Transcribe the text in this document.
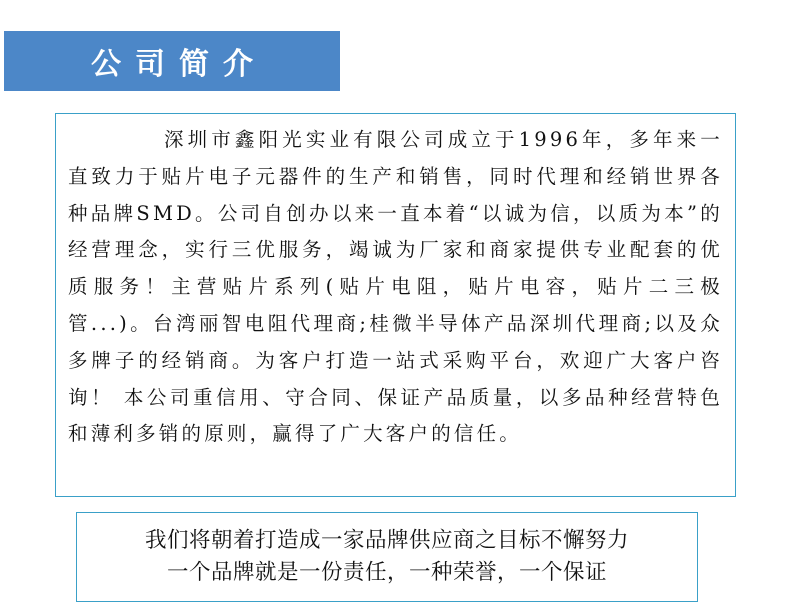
公司简介

深圳市鑫阳光实业有限公司成立于1996年，多年来一直致力于贴片电子元器件的生产和销售，同时代理和经销世界各种品牌SMD。公司自创办以来一直本着“以诚为信，以质为本”的经营理念，实行三优服务，竭诚为厂家和商家提供专业配套的优质服务！主营贴片系列(贴片电阻，贴片电容，贴片二三极管...)。台湾丽智电阻代理商;桂微半导体产品深圳代理商;以及众多牌子的经销商。为客户打造一站式采购平台，欢迎广大客户咨询！ 本公司重信用、守合同、保证产品质量，以多品种经营特色和薄利多销的原则，赢得了广大客户的信任。

我们将朝着打造成一家品牌供应商之目标不懈努力
一个品牌就是一份责任，一种荣誉，一个保证
